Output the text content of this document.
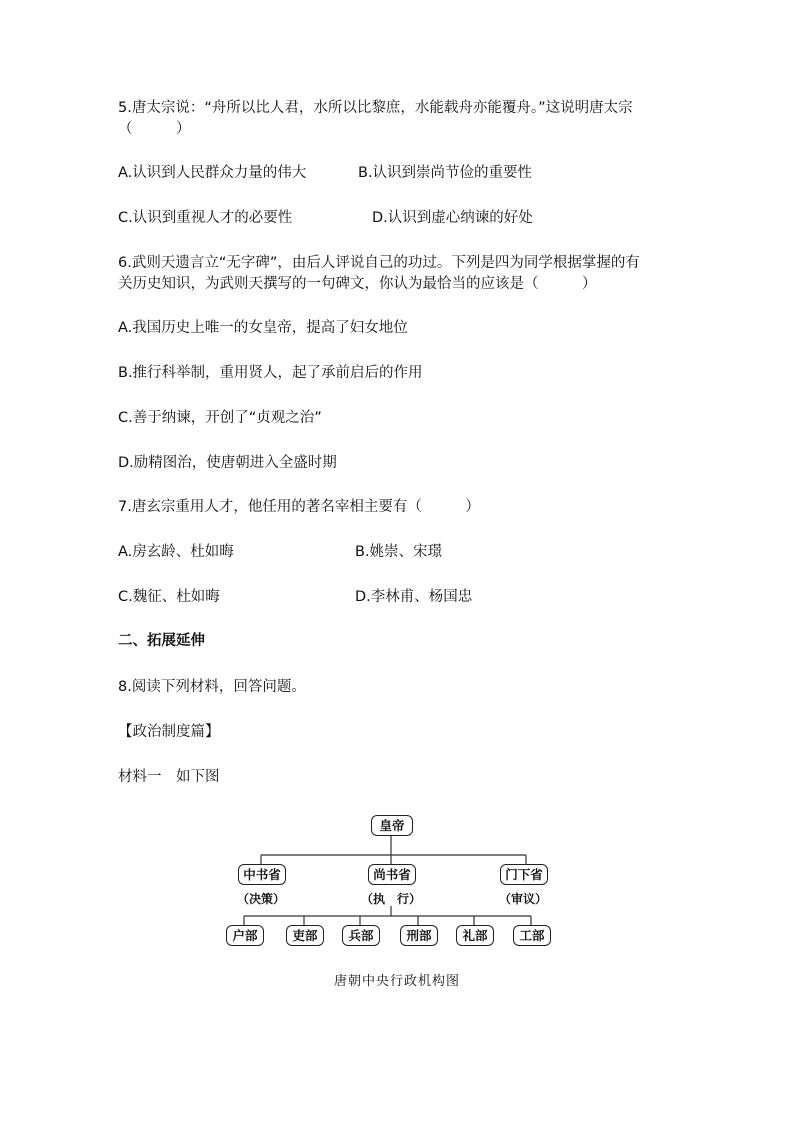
5.唐太宗说：“舟所以比人君，水所以比黎庶，水能载舟亦能覆舟。”这说明唐太宗
（　　　）
A.认识到人民群众力量的伟大	B.认识到崇尚节俭的重要性
C.认识到重视人才的必要性	D.认识到虚心纳谏的好处
6.武则天遗言立“无字碑”，由后人评说自己的功过。下列是四为同学根据掌握的有
关历史知识，为武则天撰写的一句碑文，你认为最恰当的应该是（　　　）
A.我国历史上唯一的女皇帝，提高了妇女地位
B.推行科举制，重用贤人，起了承前启后的作用
C.善于纳谏，开创了“贞观之治”
D.励精图治，使唐朝进入全盛时期
7.唐玄宗重用人才，他任用的著名宰相主要有（　　　）
A.房玄龄、杜如晦	B.姚崇、宋璟
C.魏征、杜如晦	D.李林甫、杨国忠
二、拓展延伸
8.阅读下列材料，回答问题。
【政治制度篇】
材料一　如下图
皇帝
中书省	尚书省	门下省
（决策）	（执　行）	（审议）
户部	吏部	兵部	刑部	礼部	工部
唐朝中央行政机构图
